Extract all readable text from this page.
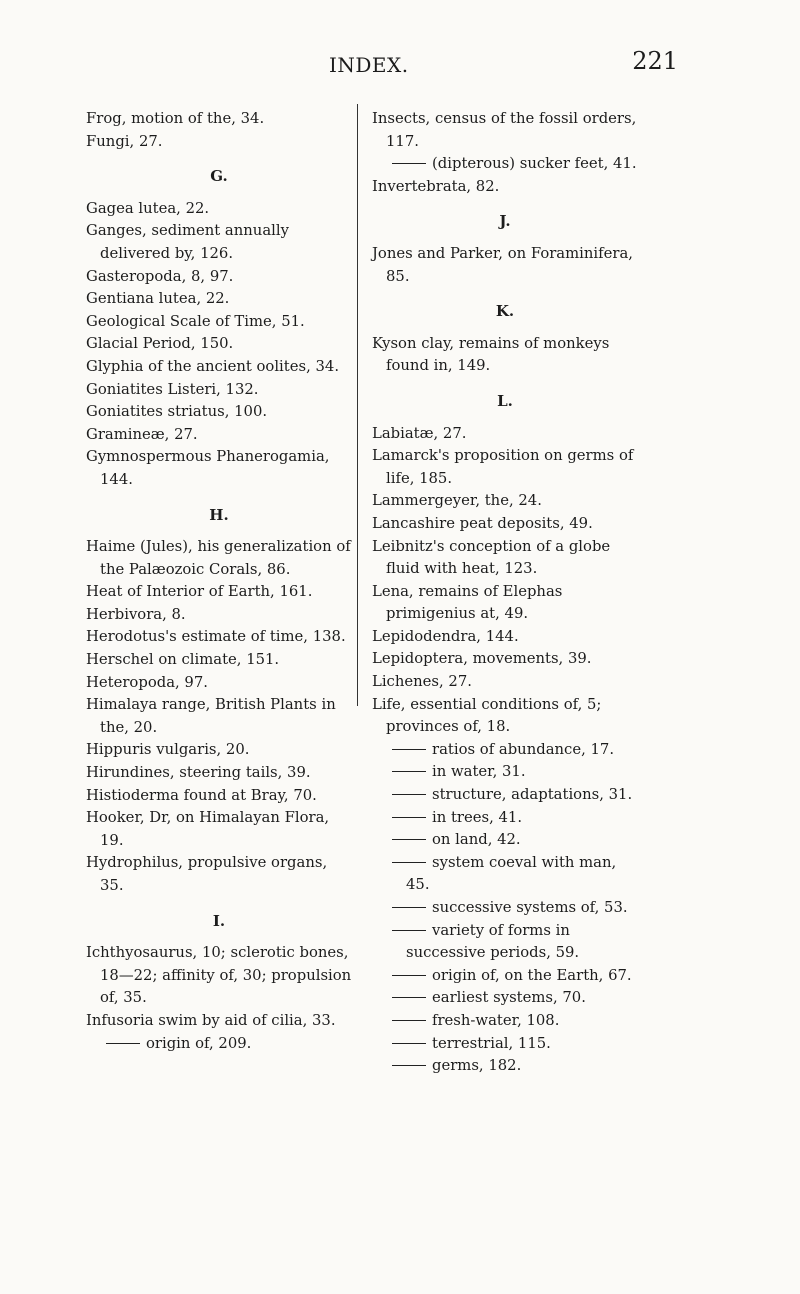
INDEX.	221
Frog, motion of the, 34.
Fungi, 27.
G.
Gagea lutea, 22.
Ganges, sediment annually delivered by, 126.
Gasteropoda, 8, 97.
Gentiana lutea, 22.
Geological Scale of Time, 51.
Glacial Period, 150.
Glyphia of the ancient oolites, 34.
Goniatites Listeri, 132.
Goniatites striatus, 100.
Gramineæ, 27.
Gymnospermous Phanerogamia, 144.
H.
Haime (Jules), his generalization of the Palæozoic Corals, 86.
Heat of Interior of Earth, 161.
Herbivora, 8.
Herodotus's estimate of time, 138.
Herschel on climate, 151.
Heteropoda, 97.
Himalaya range, British Plants in the, 20.
Hippuris vulgaris, 20.
Hirundines, steering tails, 39.
Histioderma found at Bray, 70.
Hooker, Dr, on Himalayan Flora, 19.
Hydrophilus, propulsive organs, 35.
I.
Ichthyosaurus, 10; sclerotic bones, 18—22; affinity of, 30; propulsion of, 35.
Infusoria swim by aid of cilia, 33.
origin of, 209.
Insects, census of the fossil orders, 117.
(dipterous) sucker feet, 41.
Invertebrata, 82.
J.
Jones and Parker, on Foraminifera, 85.
K.
Kyson clay, remains of monkeys found in, 149.
L.
Labiatæ, 27.
Lamarck's proposition on germs of life, 185.
Lammergeyer, the, 24.
Lancashire peat deposits, 49.
Leibnitz's conception of a globe fluid with heat, 123.
Lena, remains of Elephas primigenius at, 49.
Lepidodendra, 144.
Lepidoptera, movements, 39.
Lichenes, 27.
Life, essential conditions of, 5; provinces of, 18.
ratios of abundance, 17.
in water, 31.
structure, adaptations, 31.
in trees, 41.
on land, 42.
system coeval with man, 45.
successive systems of, 53.
variety of forms in successive periods, 59.
origin of, on the Earth, 67.
earliest systems, 70.
fresh-water, 108.
terrestrial, 115.
germs, 182.
